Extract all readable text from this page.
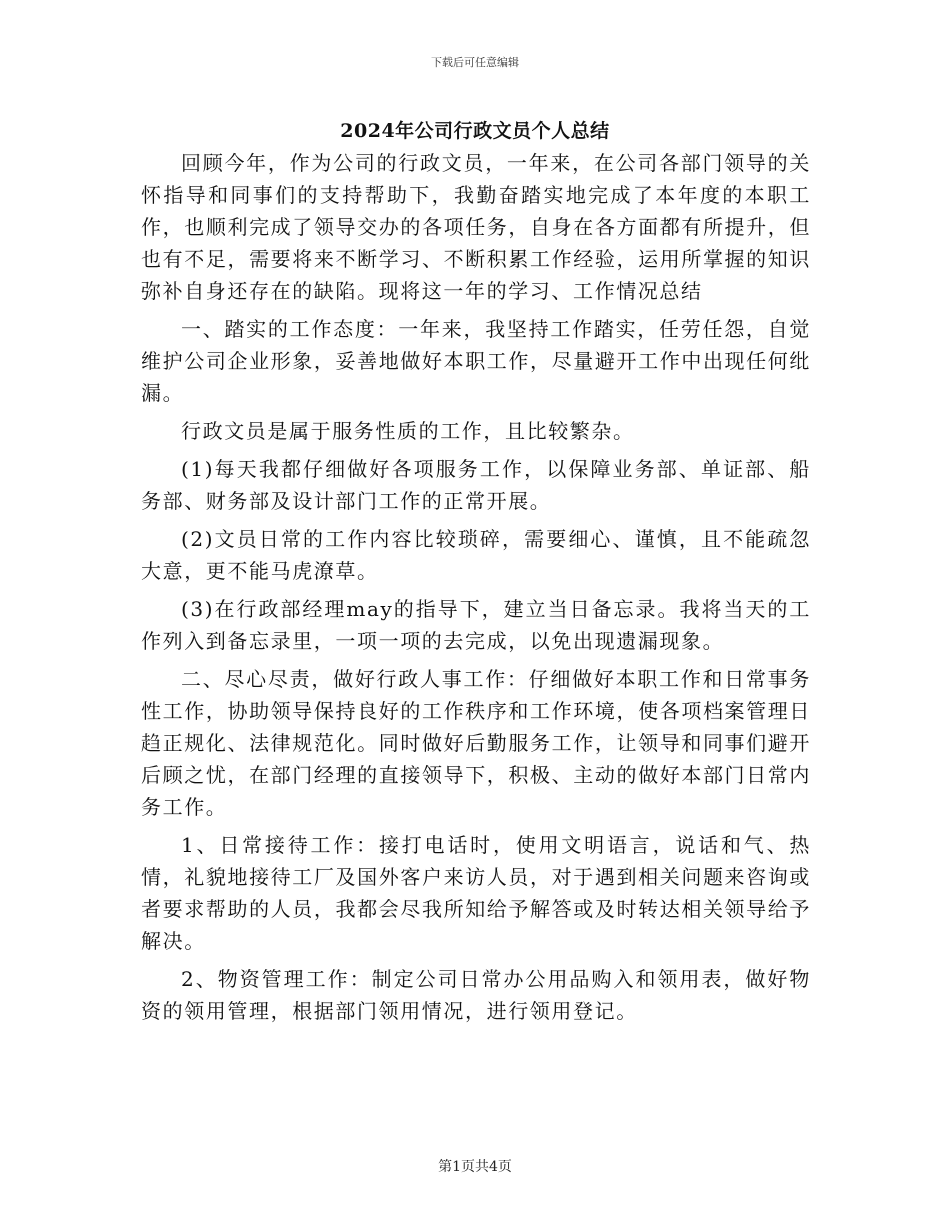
下载后可任意编辑
2024年公司行政文员个人总结

回顾今年，作为公司的行政文员，一年来，在公司各部门领导的关怀指导和同事们的支持帮助下，我勤奋踏实地完成了本年度的本职工作，也顺利完成了领导交办的各项任务，自身在各方面都有所提升，但也有不足，需要将来不断学习、不断积累工作经验，运用所掌握的知识弥补自身还存在的缺陷。现将这一年的学习、工作情况总结

一、踏实的工作态度：一年来，我坚持工作踏实，任劳任怨，自觉维护公司企业形象，妥善地做好本职工作，尽量避开工作中出现任何纰漏。

行政文员是属于服务性质的工作，且比较繁杂。

(1)每天我都仔细做好各项服务工作，以保障业务部、单证部、船务部、财务部及设计部门工作的正常开展。

(2)文员日常的工作内容比较琐碎，需要细心、谨慎，且不能疏忽大意，更不能马虎潦草。

(3)在行政部经理may的指导下，建立当日备忘录。我将当天的工作列入到备忘录里，一项一项的去完成，以免出现遗漏现象。

二、尽心尽责，做好行政人事工作：仔细做好本职工作和日常事务性工作，协助领导保持良好的工作秩序和工作环境，使各项档案管理日趋正规化、法律规范化。同时做好后勤服务工作，让领导和同事们避开后顾之忧，在部门经理的直接领导下，积极、主动的做好本部门日常内务工作。

1、日常接待工作：接打电话时，使用文明语言，说话和气、热情，礼貌地接待工厂及国外客户来访人员，对于遇到相关问题来咨询或者要求帮助的人员，我都会尽我所知给予解答或及时转达相关领导给予解决。

2、物资管理工作：制定公司日常办公用品购入和领用表，做好物资的领用管理，根据部门领用情况，进行领用登记。

第1页共4页
